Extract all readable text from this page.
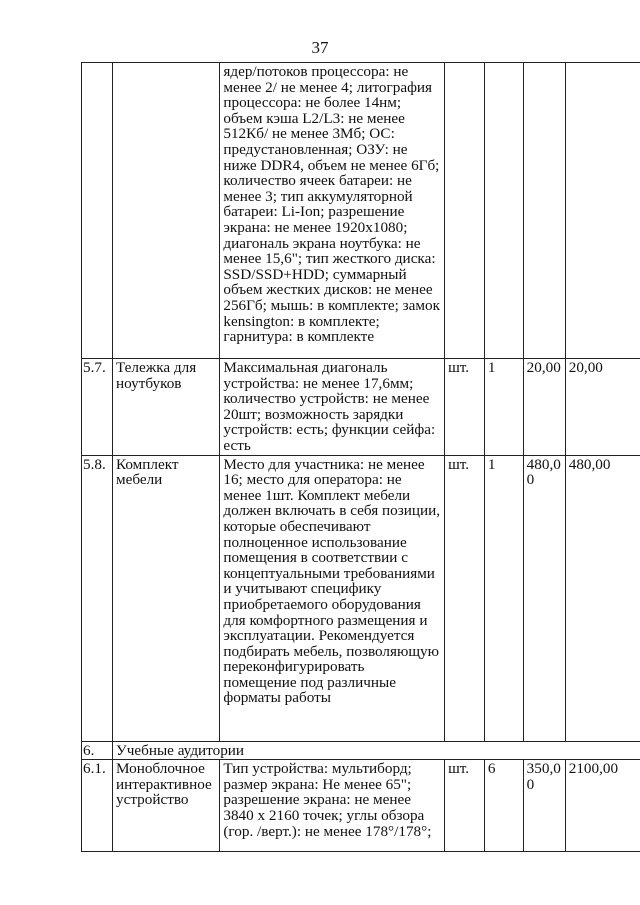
37
		ядер/потоков процессора: не менее 2/ не менее 4; литография процессора: не более 14нм; объем кэша L2/L3: не менее 512Кб/ не менее 3Мб; ОС: предустановленная; ОЗУ: не ниже DDR4, объем не менее 6Гб; количество ячеек батареи: не менее 3; тип аккумуляторной батареи: Li-Ion; разрешение экрана: не менее 1920x1080; диагональ экрана ноутбука: не менее 15,6"; тип жесткого диска: SSD/SSD+HDD; суммарный объем жестких дисков: не менее 256Гб; мышь: в комплекте; замок kensington: в комплекте; гарнитура: в комплекте				
5.7.	Тележка для ноутбуков	Максимальная диагональ устройства: не менее 17,6мм; количество устройств: не менее 20шт; возможность зарядки устройств: есть; функции сейфа: есть	шт.	1	20,00	20,00
5.8.	Комплект мебели	Место для участника: не менее 16; место для оператора: не менее 1шт. Комплект мебели должен включать в себя позиции, которые обеспечивают полноценное использование помещения в соответствии с концептуальными требованиями и учитывают специфику приобретаемого оборудования для комфортного размещения и эксплуатации. Рекомендуется подбирать мебель, позволяющую переконфигурировать помещение под различные форматы работы	шт.	1	480,00	480,00
6.	Учебные аудитории					
6.1.	Моноблочное интерактивное устройство	Тип устройства: мультиборд; размер экрана: Не менее 65"; разрешение экрана: не менее 3840 x 2160 точек; углы обзора (гор. /верт.): не менее 178°/178°;	шт.	6	350,00	2100,00
